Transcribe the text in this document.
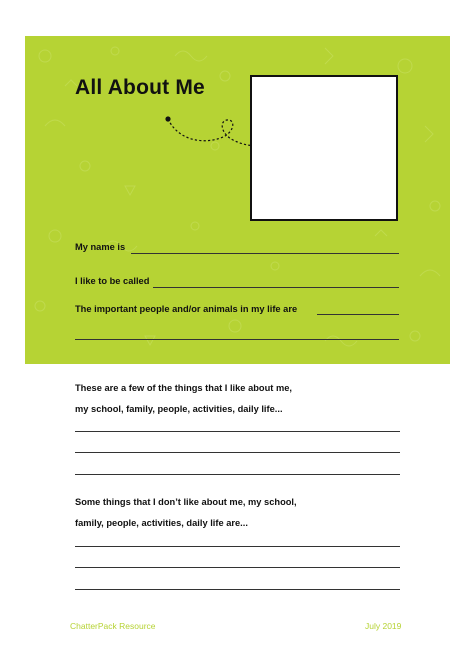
All About Me
My name is
I like to be called
The important people and/or animals in my life are
These are a few of the things that I like about me,
my school, family, people, activities, daily life...
Some things that I don’t like about me, my school,
family, people, activities, daily life are...
ChatterPack Resource	July 2019
